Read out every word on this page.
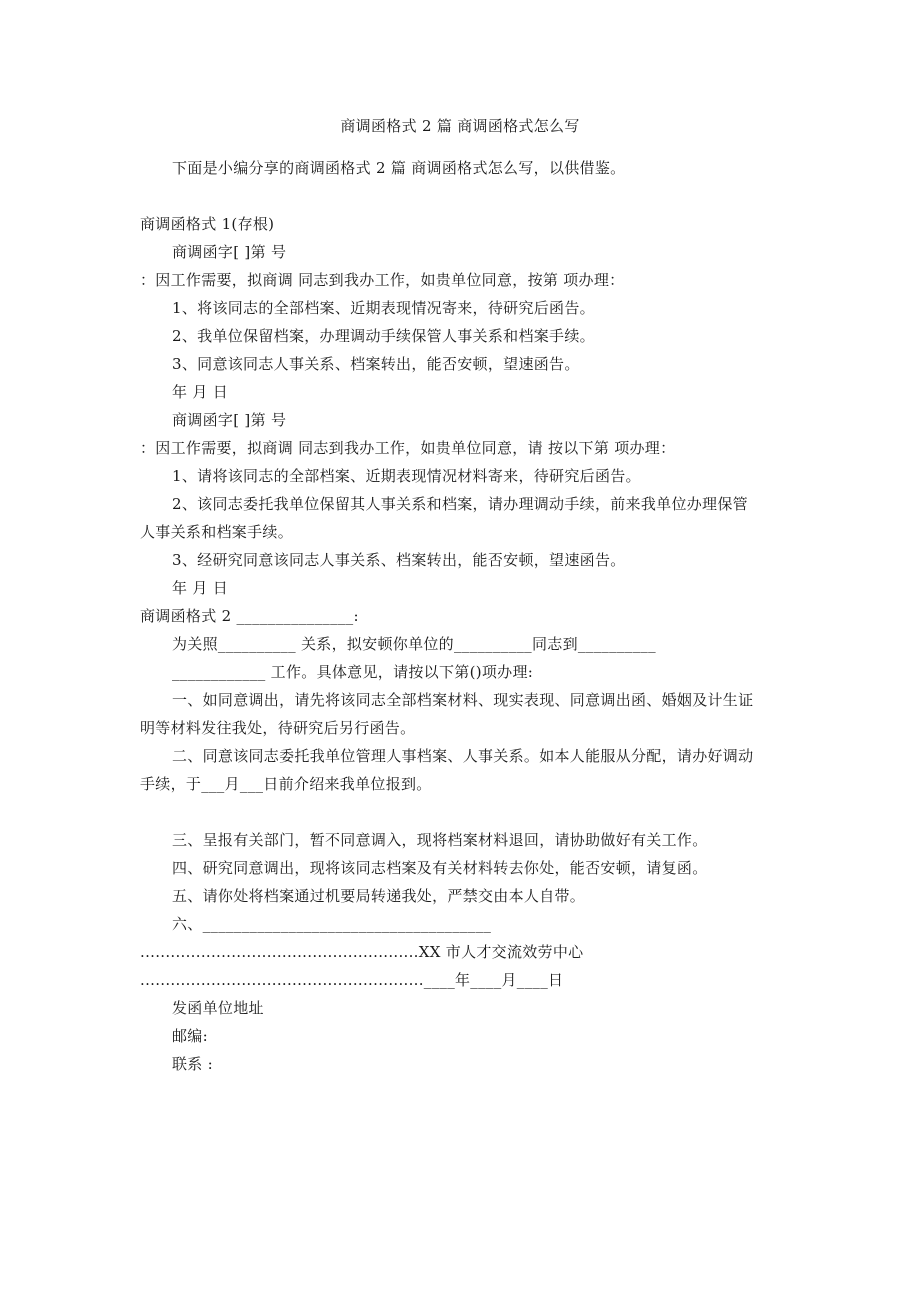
商调函格式 2 篇 商调函格式怎么写
下面是小编分享的商调函格式 2 篇 商调函格式怎么写，以供借鉴。
商调函格式 1(存根)
商调函字[ ]第 号
：因工作需要，拟商调 同志到我办工作，如贵单位同意，按第 项办理：
1、将该同志的全部档案、近期表现情况寄来，待研究后函告。
2、我单位保留档案，办理调动手续保管人事关系和档案手续。
3、同意该同志人事关系、档案转出，能否安顿，望速函告。
年 月 日
商调函字[ ]第 号
：因工作需要，拟商调 同志到我办工作，如贵单位同意，请 按以下第 项办理：
1、请将该同志的全部档案、近期表现情况材料寄来，待研究后函告。
2、该同志委托我单位保留其人事关系和档案，请办理调动手续，前来我单位办理保管
人事关系和档案手续。
3、经研究同意该同志人事关系、档案转出，能否安顿，望速函告。
年 月 日
商调函格式 2 _______________:
为关照__________ 关系，拟安顿你单位的__________同志到__________
____________ 工作。具体意见，请按以下第()项办理:
一、如同意调出，请先将该同志全部档案材料、现实表现、同意调出函、婚姻及计生证
明等材料发往我处，待研究后另行函告。
二、同意该同志委托我单位管理人事档案、人事关系。如本人能服从分配，请办好调动
手续，于___月___日前介绍来我单位报到。
三、呈报有关部门，暂不同意调入，现将档案材料退回，请协助做好有关工作。
四、研究同意调出，现将该同志档案及有关材料转去你处，能否安顿，请复函。
五、请你处将档案通过机要局转递我处，严禁交由本人自带。
六、_____________________________________
.......................................................XX 市人才交流效劳中心
........................................................____年____月____日
发函单位地址
邮编:
联系 :
